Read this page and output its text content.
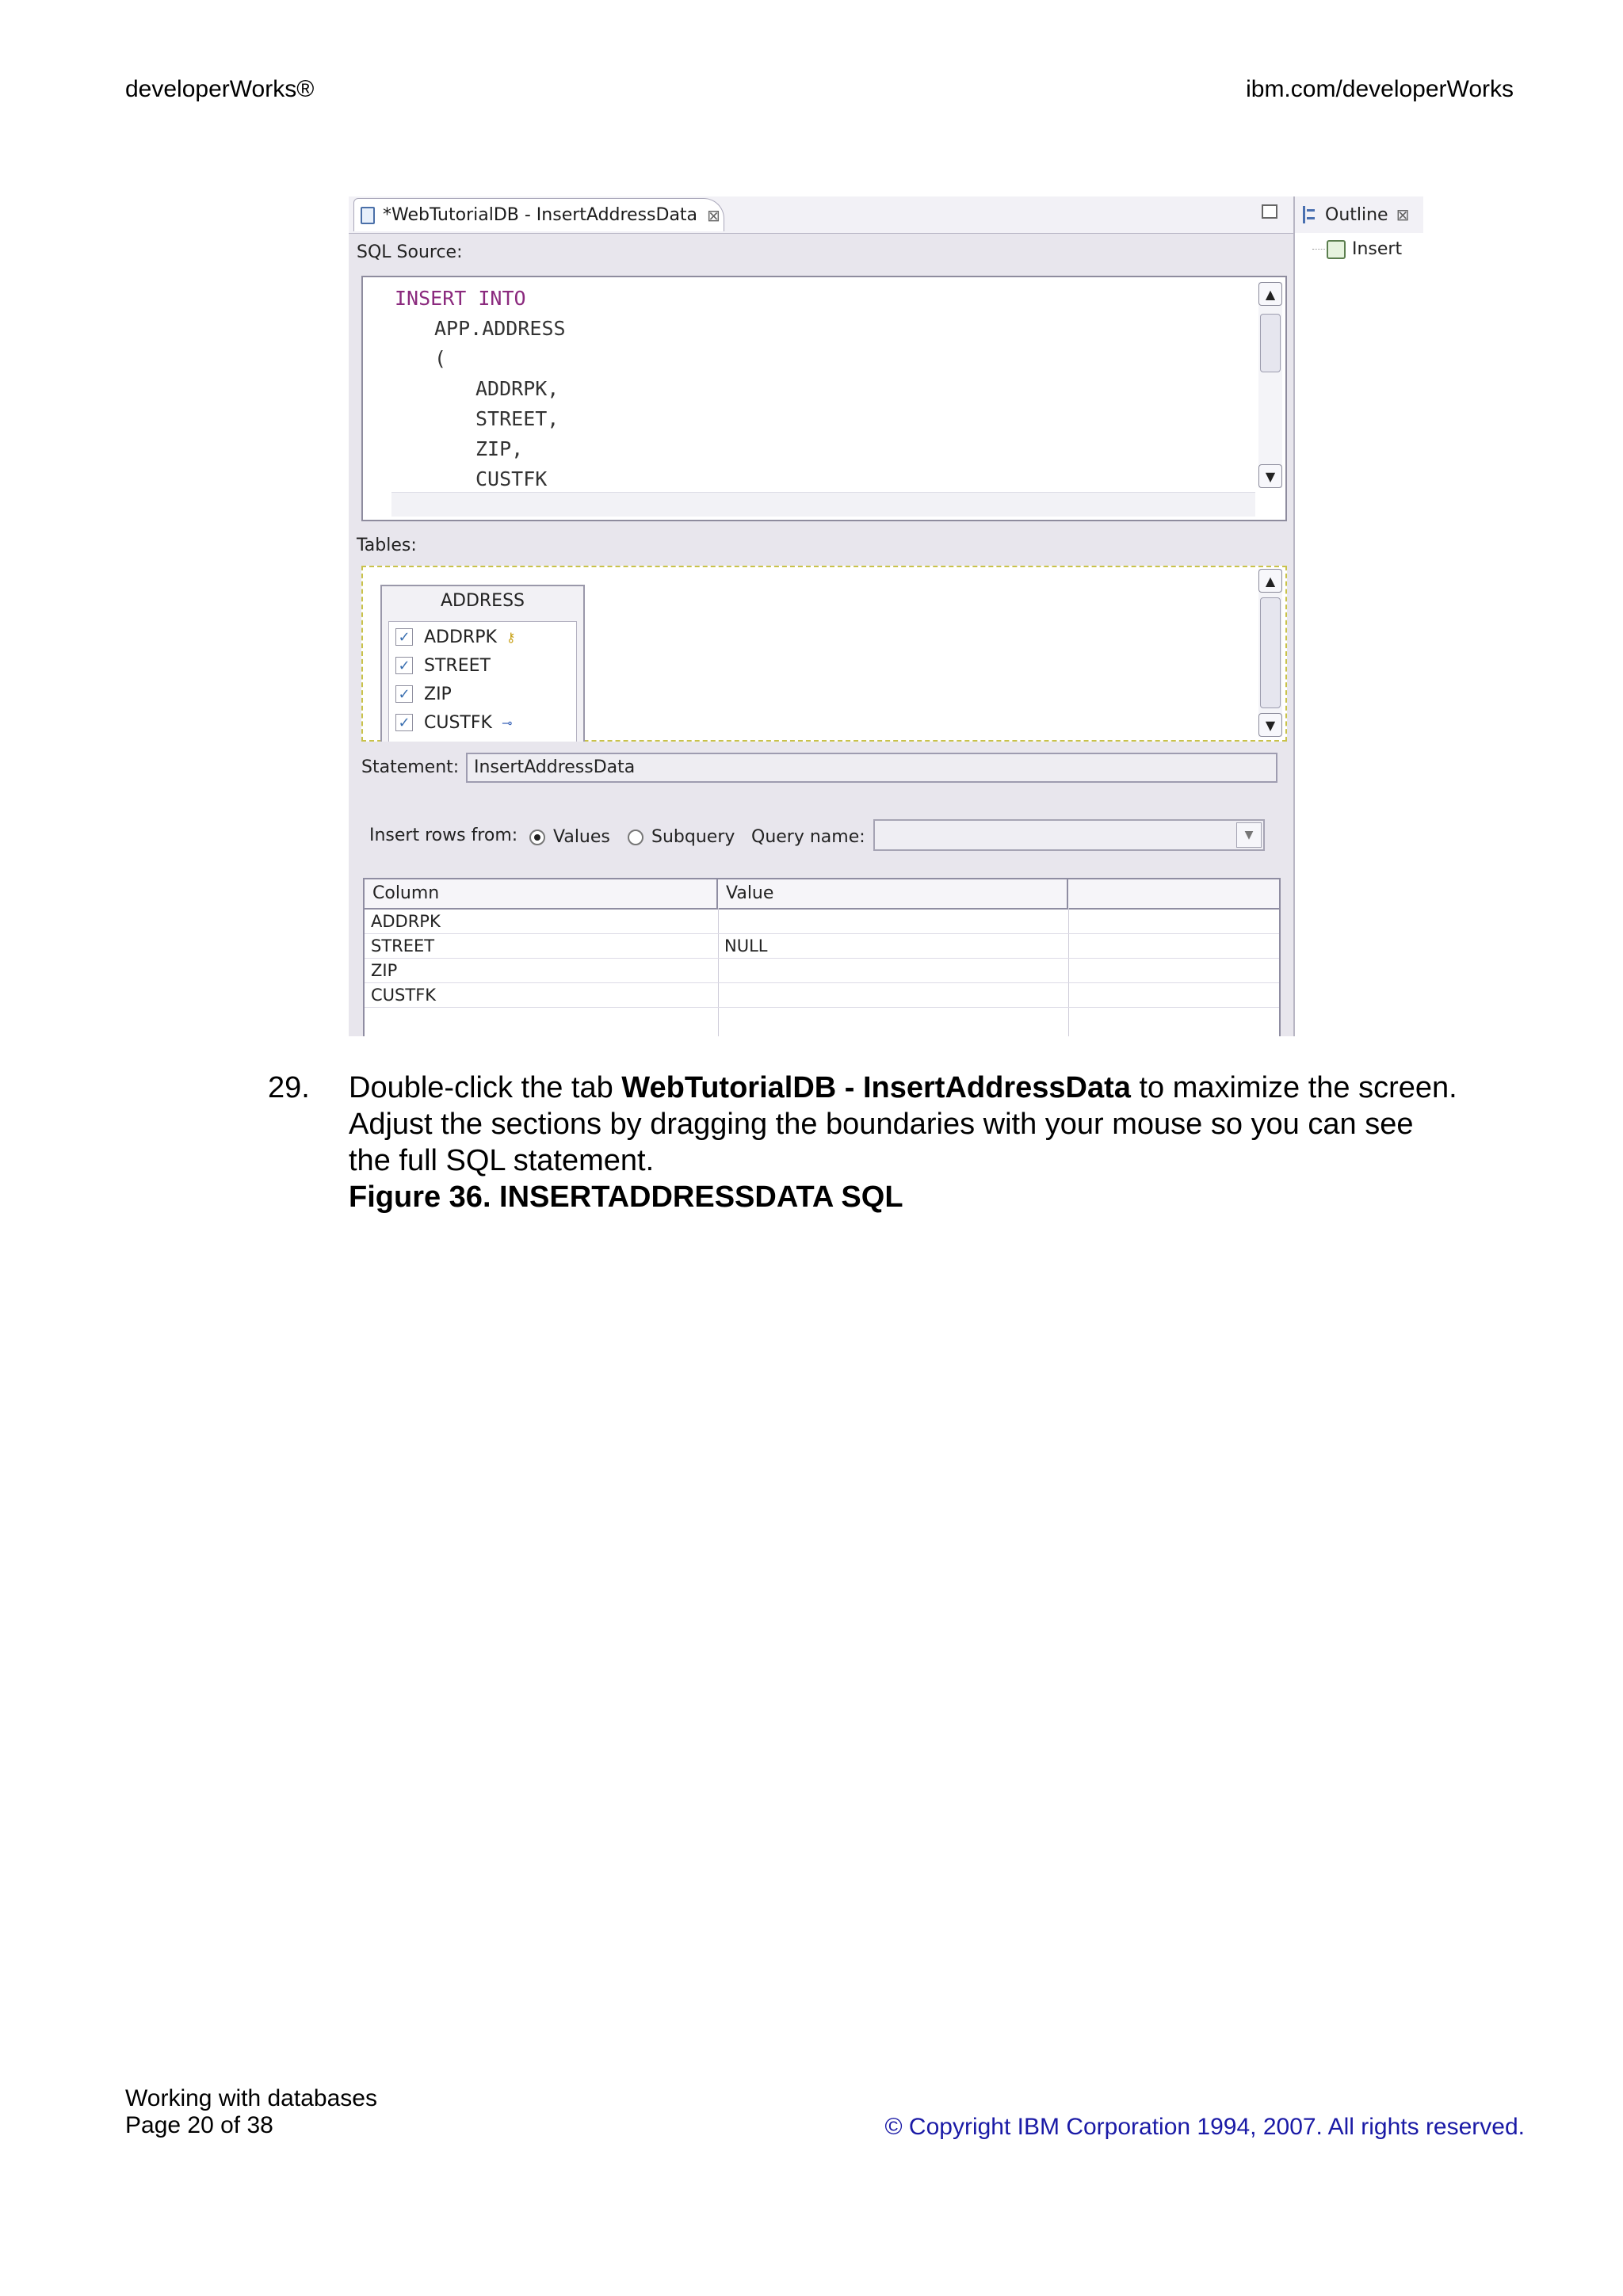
developerWorks®	ibm.com/developerWorks
*WebTutorialDB - InsertAddressData ⊠
SQL Source:
INSERT INTO
APP.ADDRESS
(
ADDRPK,
STREET,
ZIP,
CUSTFK
▲
▼
Tables:
ADDRESS
✓ ADDRPK ⚷
✓ STREET
✓ ZIP
✓ CUSTFK ⊸
▲
▼
Statement: InsertAddressData
Insert rows from: Values Subquery Query name:	▼
Column	Value
ADDRPK
STREET	NULL
ZIP
CUSTFK
Outline ⊠
Insert
29. Double-click the tab WebTutorialDB - InsertAddressData to maximize the screen. Adjust the sections by dragging the boundaries with your mouse so you can see the full SQL statement.
Figure 36. INSERTADDRESSDATA SQL
Working with databases
Page 20 of 38	© Copyright IBM Corporation 1994, 2007. All rights reserved.
